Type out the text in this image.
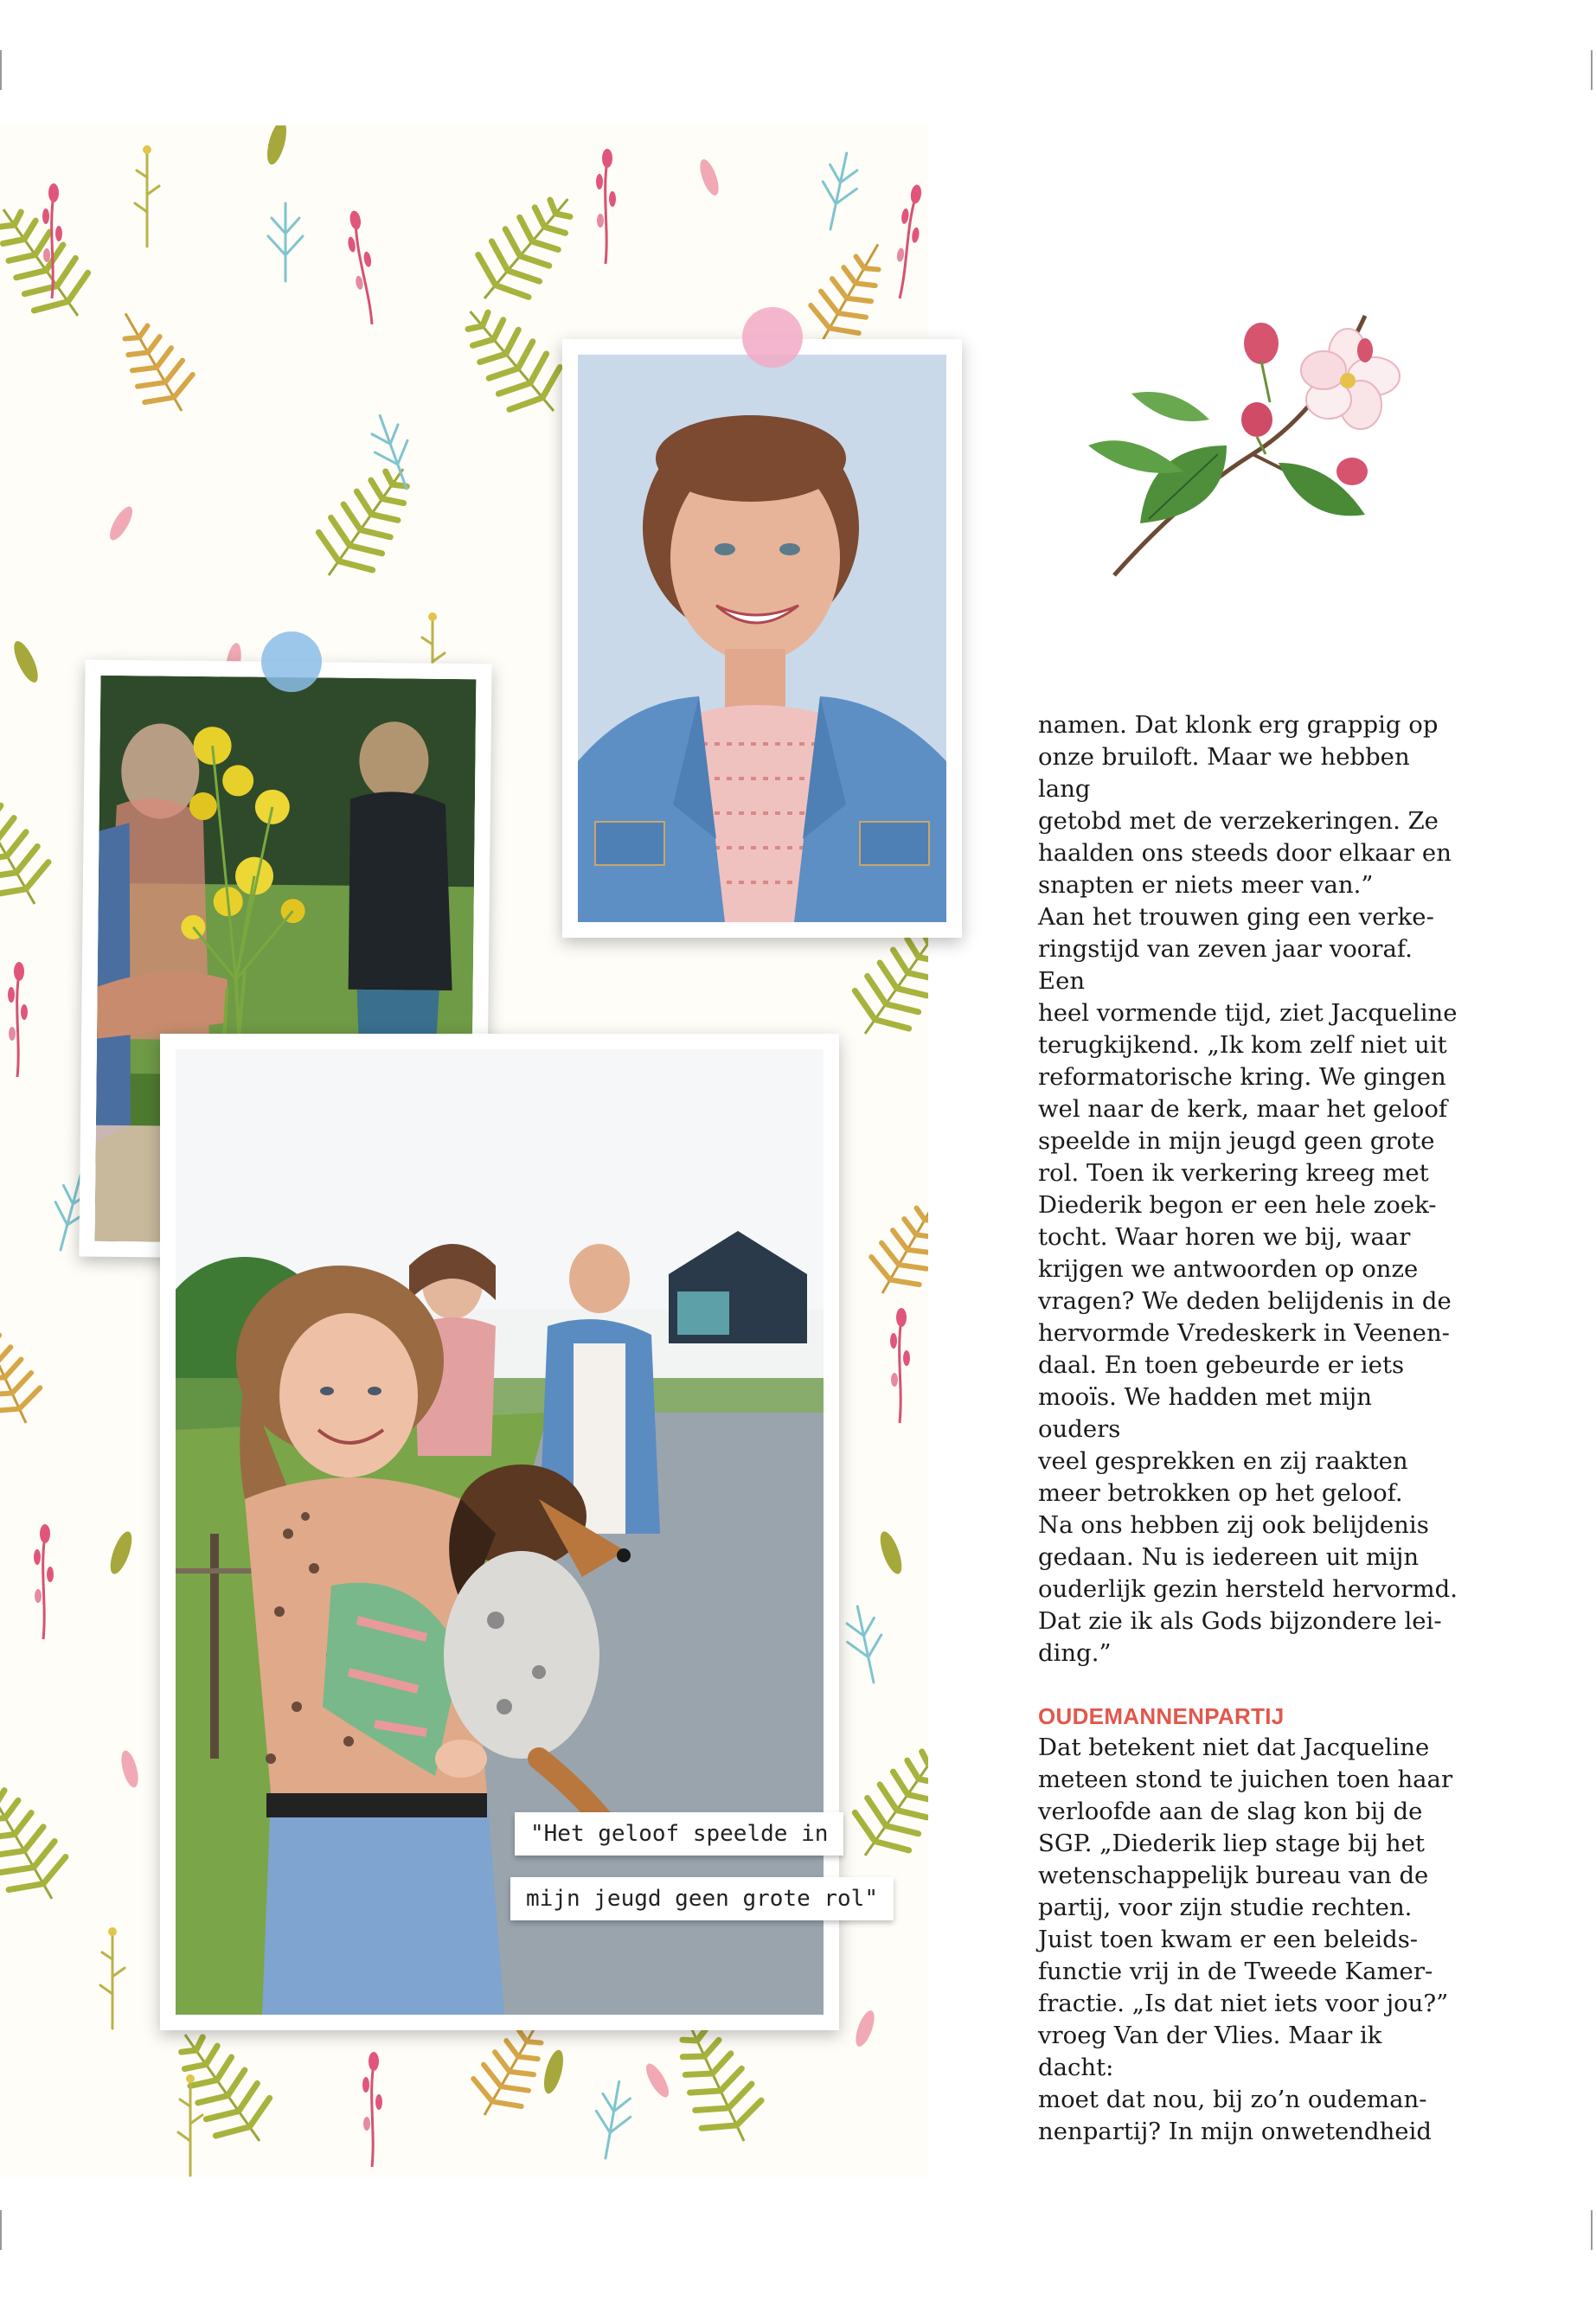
"Het geloof speelde in
mijn jeugd geen grote rol"

namen. Dat klonk erg grappig op
onze bruiloft. Maar we hebben lang
getobd met de verzekeringen. Ze
haalden ons steeds door elkaar en
snapten er niets meer van.”

Aan het trouwen ging een verke-
ringstijd van zeven jaar vooraf. Een
heel vormende tijd, ziet Jacqueline
terugkijkend. „Ik kom zelf niet uit
reformatorische kring. We gingen
wel naar de kerk, maar het geloof
speelde in mijn jeugd geen grote
rol. Toen ik verkering kreeg met
Diederik begon er een hele zoek-
tocht. Waar horen we bij, waar
krijgen we antwoorden op onze
vragen? We deden belijdenis in de
hervormde Vredeskerk in Veenen-
daal. En toen gebeurde er iets
mooïs. We hadden met mijn ouders
veel gesprekken en zij raakten
meer betrokken op het geloof.

Na ons hebben zij ook belijdenis
gedaan. Nu is iedereen uit mijn
ouderlijk gezin hersteld hervormd.
Dat zie ik als Gods bijzondere lei-
ding.”

OUDEMANNENPARTIJ

Dat betekent niet dat Jacqueline
meteen stond te juichen toen haar
verloofde aan de slag kon bij de
SGP. „Diederik liep stage bij het
wetenschappelijk bureau van de
partij, voor zijn studie rechten.
Juist toen kwam er een beleids-
functie vrij in de Tweede Kamer-
fractie. „Is dat niet iets voor jou?”
vroeg Van der Vlies. Maar ik dacht:
moet dat nou, bij zo’n oudeman-
nenpartij? In mijn onwetendheid
